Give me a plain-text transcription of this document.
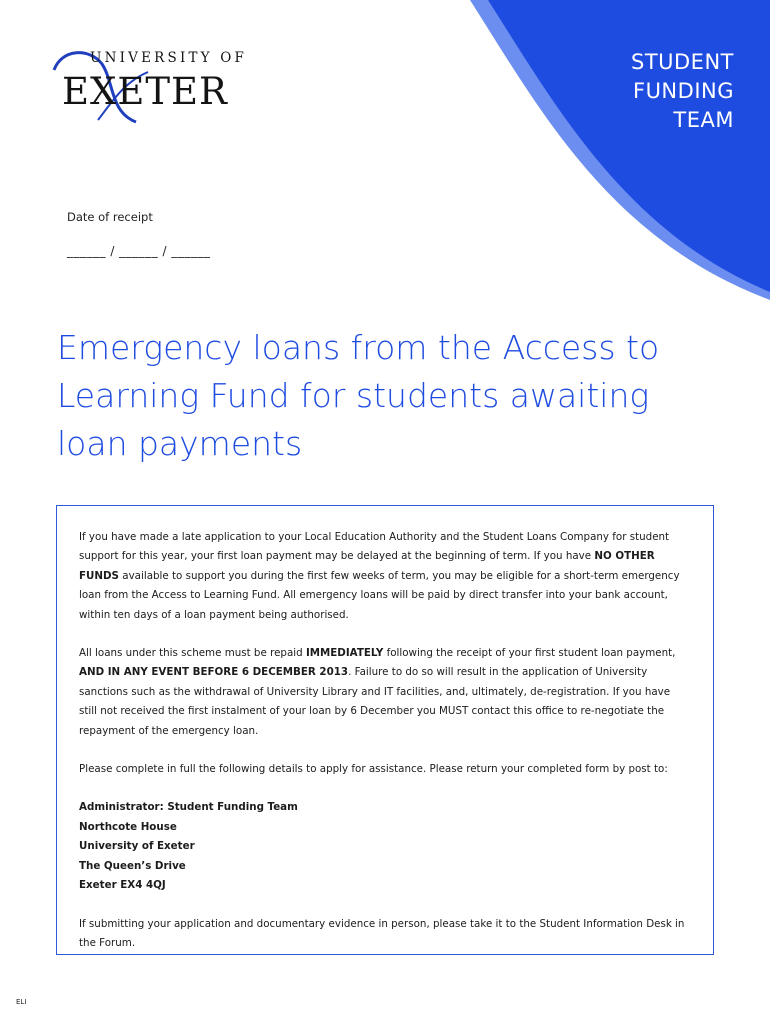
STUDENT
FUNDING
TEAM
UNIVERSITY OF
EXETER
Date of receipt
______ / ______ / ______
Emergency loans from the Access to Learning Fund for students awaiting loan payments

If you have made a late application to your Local Education Authority and the Student Loans Company for student support for this year, your first loan payment may be delayed at the beginning of term. If you have NO OTHER FUNDS available to support you during the first few weeks of term, you may be eligible for a short-term emergency loan from the Access to Learning Fund. All emergency loans will be paid by direct transfer into your bank account, within ten days of a loan payment being authorised.

All loans under this scheme must be repaid IMMEDIATELY following the receipt of your first student loan payment, AND IN ANY EVENT BEFORE 6 DECEMBER 2013. Failure to do so will result in the application of University sanctions such as the withdrawal of University Library and IT facilities, and, ultimately, de-registration. If you have still not received the first instalment of your loan by 6 December you MUST contact this office to re-negotiate the repayment of the emergency loan.

Please complete in full the following details to apply for assistance. Please return your completed form by post to:

Administrator: Student Funding Team
Northcote House
University of Exeter
The Queen’s Drive
Exeter EX4 4QJ

If submitting your application and documentary evidence in person, please take it to the Student Information Desk in the Forum.

ELI
